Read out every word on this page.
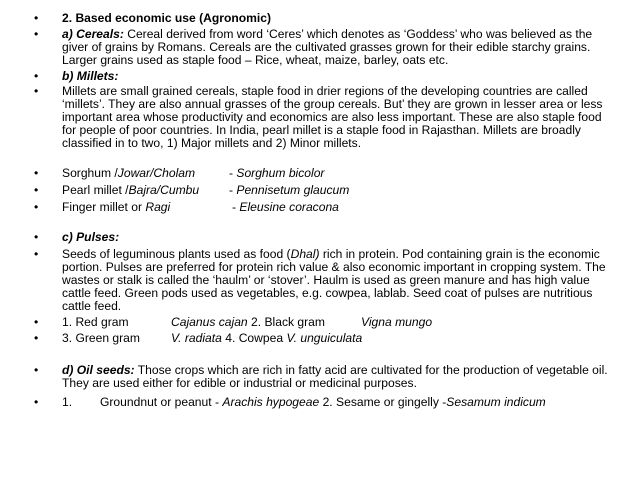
• 2. Based economic use (Agronomic)
• a) Cereals: Cereal derived from word ‘Ceres’ which denotes as ‘Goddess’ who was believed as the giver of grains by Romans. Cereals are the cultivated grasses grown for their edible starchy grains. Larger grains used as staple food – Rice, wheat, maize, barley, oats etc.
• b) Millets:
• Millets are small grained cereals, staple food in drier regions of the developing countries are called ‘millets’. They are also annual grasses of the group cereals. But’ they are grown in lesser area or less important area whose productivity and economics are also less important. These are also staple food for people of poor countries. In India, pearl millet is a staple food in Rajasthan. Millets are broadly classified in to two, 1) Major millets and 2) Minor millets.
• Sorghum /Jowar/Cholam	- Sorghum bicolor
• Pearl millet /Bajra/Cumbu - Pennisetum glaucum
• Finger millet or Ragi	- Eleusine coracona
• c) Pulses:
• Seeds of leguminous plants used as food (Dhal) rich in protein. Pod containing grain is the economic portion. Pulses are preferred for protein rich value & also economic important in cropping system. The wastes or stalk is called the ‘haulm’ or ‘stover’. Haulm is used as green manure and has high value cattle feed. Green pods used as vegetables, e.g. cowpea, lablab. Seed coat of pulses are nutritious cattle feed.
• 1. Red gram	Cajanus cajan 2. Black gram	Vigna mungo
• 3. Green gram	V. radiata 4. Cowpea V. unguiculata
• d) Oil seeds: Those crops which are rich in fatty acid are cultivated for the production of vegetable oil. They are used either for edible or industrial or medicinal purposes.
• 1. Groundnut or peanut - Arachis hypogeae 2. Sesame or gingelly -Sesamum indicum
